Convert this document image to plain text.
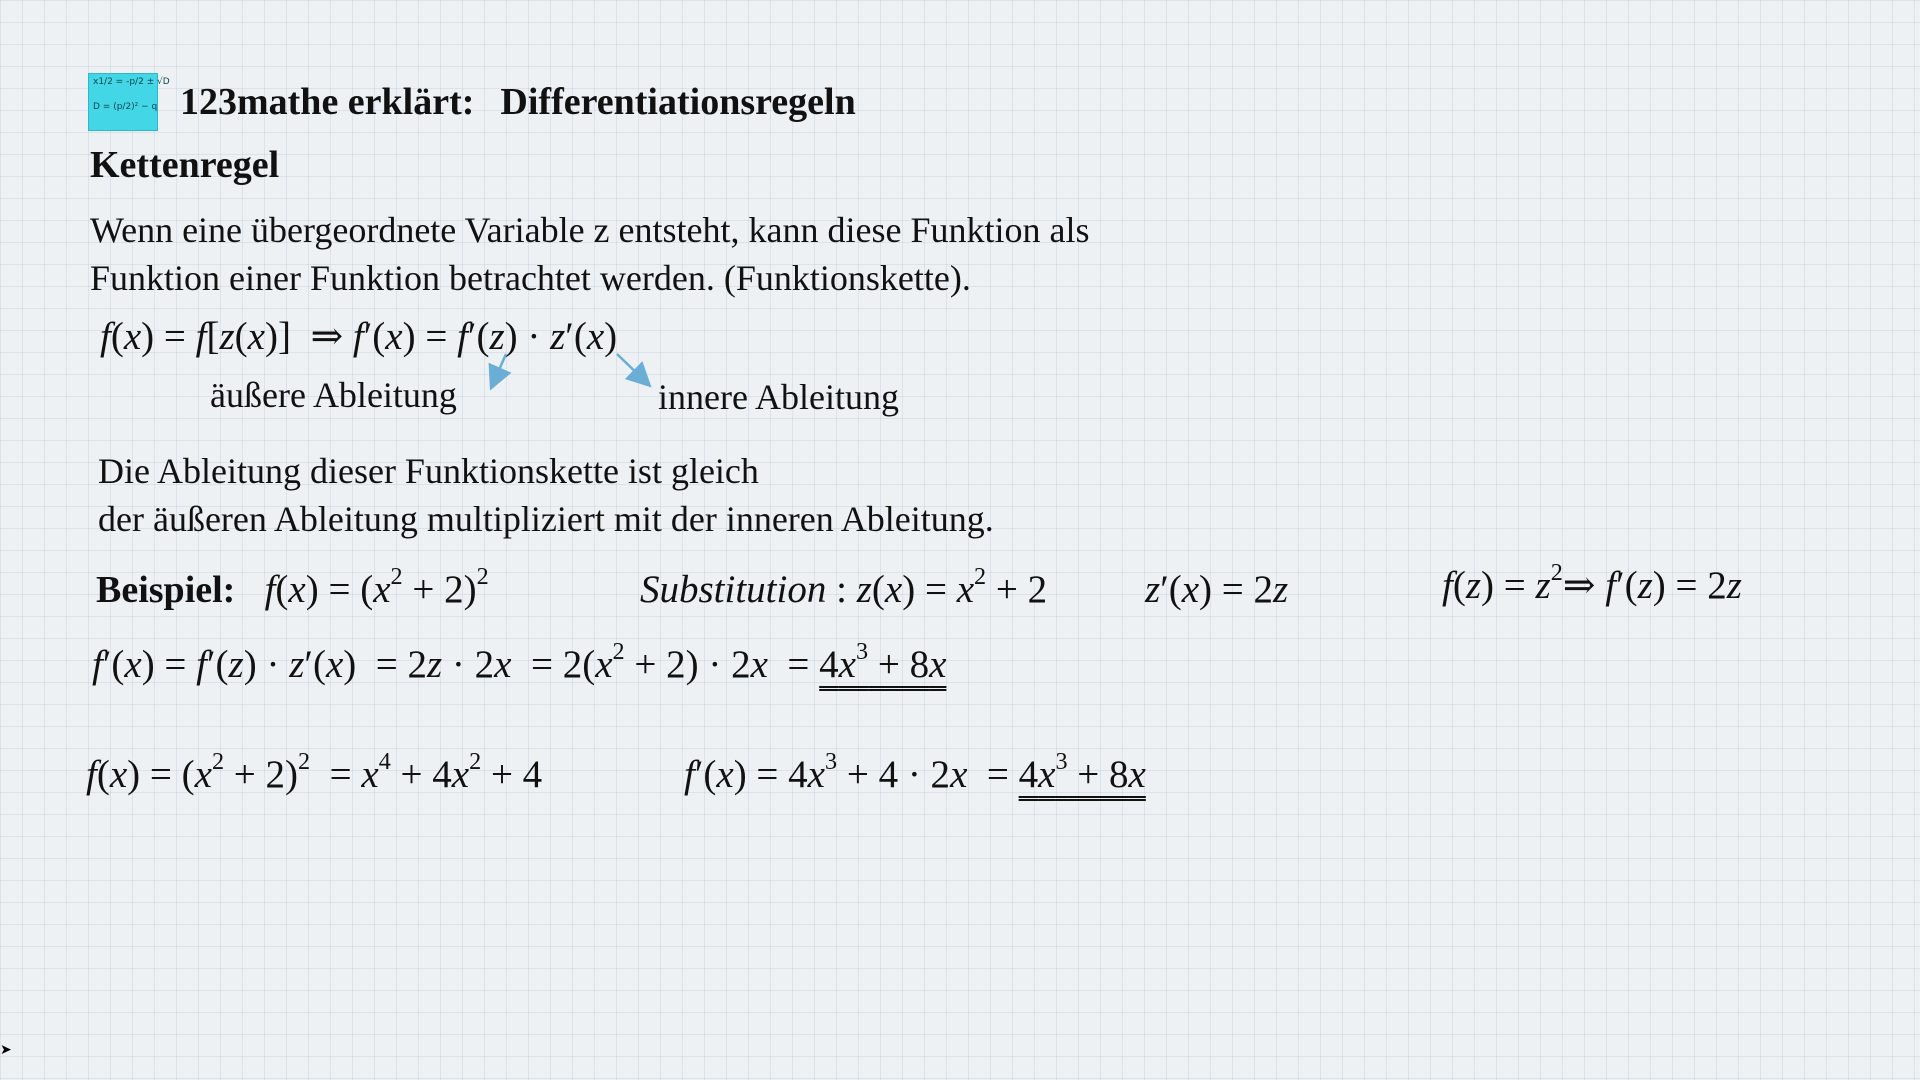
x1/2 = -p/2 ± √D
D = (p/2)² − q 123mathe erklärt: Differentiationsregeln
Kettenregel
Wenn eine übergeordnete Variable z entsteht, kann diese Funktion als
Funktion einer Funktion betrachtet werden. (Funktionskette).
f(x) = f[z(x)]  ⇒ f′(x) = f′(z) · z′(x)
äußere Ableitung	innere Ableitung
Die Ableitung dieser Funktionskette ist gleich
der äußeren Ableitung multipliziert mit der inneren Ableitung.
Beispiel: $f(x) = (x^2 + 2)^2$	Substitution : $z(x) = x^2 + 2$	z′(x) = 2z	$f(z) = z^2\Rightarrow$ f′(z) = 2z
$f'(x) = f'(z) \cdot z'(x) = 2z \cdot 2x = 2(x^2 + 2) \cdot 2x = 4x^3 + 8x$
$f(x) = (x^2 + 2)^2 = x^4 + 4x^2 + 4$	$f'(x) = 4x^3 + 4 \cdot 2x = 4x^3 + 8x$
➤
